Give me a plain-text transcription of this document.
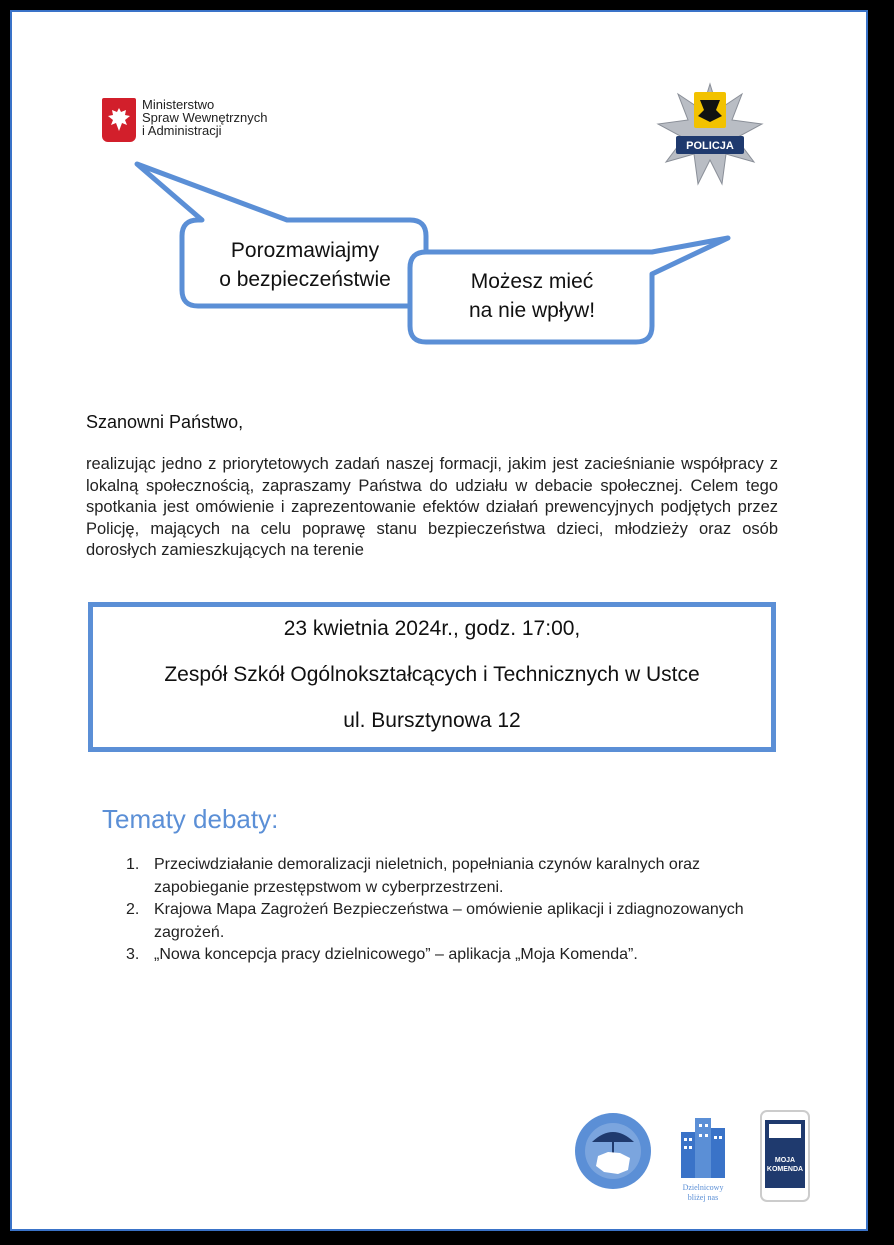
Ministerstwo
Spraw Wewnętrznych
i Administracji
POLICJA
Porozmawiajmy
o bezpieczeństwie	Możesz mieć
na nie wpływ!
Szanowni Państwo,
realizując jedno z priorytetowych zadań naszej formacji, jakim jest zacieśnianie współpracy z lokalną społecznością, zapraszamy Państwa do udziału w debacie społecznej. Celem tego spotkania jest omówienie i zaprezentowanie efektów działań prewencyjnych podjętych przez Policję, mających na celu poprawę stanu bezpieczeństwa dzieci, młodzieży oraz osób dorosłych zamieszkujących na terenie
23 kwietnia 2024r., godz. 17:00,
Zespół Szkół Ogólnokształcących i Technicznych w Ustce
ul. Bursztynowa 12
Tematy debaty:
1. Przeciwdziałanie demoralizacji nieletnich, popełniania czynów karalnych oraz zapobieganie przestępstwom w cyberprzestrzeni.
2. Krajowa Mapa Zagrożeń Bezpieczeństwa – omówienie aplikacji i zdiagnozowanych zagrożeń.
3. „Nowa koncepcja pracy dzielnicowego” – aplikacja „Moja Komenda”.
Dzielnicowy
bliżej nas
MOJA
KOMENDA
